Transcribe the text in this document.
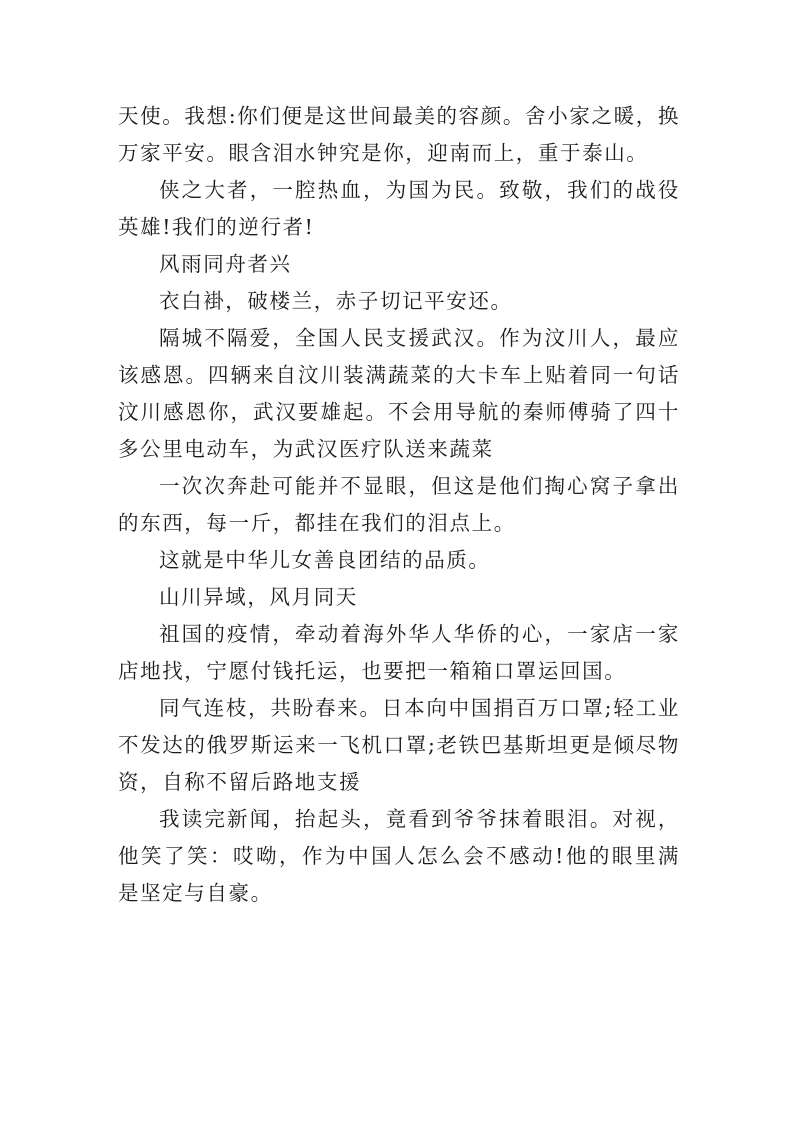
天使。我想:你们便是这世间最美的容颜。舍小家之暖，换万家平安。眼含泪水钟究是你，迎南而上，重于泰山。

侠之大者，一腔热血，为国为民。致敬，我们的战役英雄!我们的逆行者!

风雨同舟者兴

衣白褂，破楼兰，赤子切记平安还。

隔城不隔爱，全国人民支援武汉。作为汶川人，最应该感恩。四辆来自汶川装满蔬菜的大卡车上贴着同一句话汶川感恩你，武汉要雄起。不会用导航的秦师傅骑了四十多公里电动车，为武汉医疗队送来蔬菜

一次次奔赴可能并不显眼，但这是他们掏心窝子拿出的东西，每一斤，都挂在我们的泪点上。

这就是中华儿女善良团结的品质。

山川异域，风月同天

祖国的疫情，牵动着海外华人华侨的心，一家店一家店地找，宁愿付钱托运，也要把一箱箱口罩运回国。

同气连枝，共盼春来。日本向中国捐百万口罩;轻工业不发达的俄罗斯运来一飞机口罩;老铁巴基斯坦更是倾尽物资，自称不留后路地支援

我读完新闻，抬起头，竟看到爷爷抹着眼泪。对视，他笑了笑：哎呦，作为中国人怎么会不感动!他的眼里满是坚定与自豪。
